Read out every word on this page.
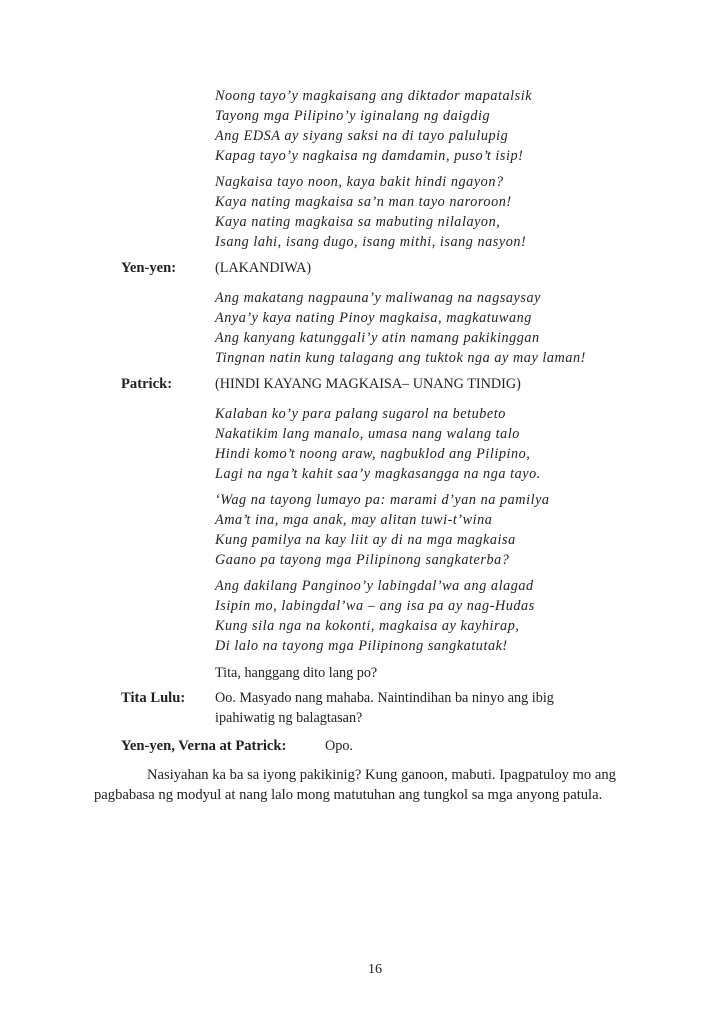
Noong tayo’y magkaisang ang diktador mapatalsik
Tayong mga Pilipino’y iginalang ng daigdig
Ang EDSA ay siyang saksi na di tayo palulupig
Kapag tayo’y nagkaisa ng damdamin, puso’t isip!
Nagkaisa tayo noon, kaya bakit hindi ngayon?
Kaya nating magkaisa sa’n man tayo naroroon!
Kaya nating magkaisa sa mabuting nilalayon,
Isang lahi, isang dugo, isang mithi, isang nasyon!
Yen-yen:	(LAKANDIWA)
Ang makatang nagpauna’y maliwanag na nagsaysay
Anya’y kaya nating Pinoy magkaisa, magkatuwang
Ang kanyang katunggali’y atin namang pakikinggan
Tingnan natin kung talagang ang tuktok nga ay may laman!
Patrick:	(HINDI KAYANG MAGKAISA– UNANG TINDIG)
Kalaban ko’y para palang sugarol na betubeto
Nakatikim lang manalo, umasa nang walang talo
Hindi komo’t noong araw, nagbuklod ang Pilipino,
Lagi na nga’t kahit saa’y magkasangga na nga tayo.
‘Wag na tayong lumayo pa: marami d’yan na pamilya
Ama’t ina, mga anak, may alitan tuwi-t’wina
Kung pamilya na kay liit ay di na mga magkaisa
Gaano pa tayong mga Pilipinong sangkaterba?
Ang dakilang Panginoo’y labingdal’wa ang alagad
Isipin mo, labingdal’wa – ang isa pa ay nag-Hudas
Kung sila nga na kokonti, magkaisa ay kayhirap,
Di lalo na tayong mga Pilipinong sangkatutak!
Tita, hanggang dito lang po?
Tita Lulu: Oo. Masyado nang mahaba. Naintindihan ba ninyo ang ibig
ipahiwatig ng balagtasan?
Yen-yen, Verna at Patrick:	Opo.
Nasiyahan ka ba sa iyong pakikinig? Kung ganoon, mabuti. Ipagpatuloy mo ang
pagbabasa ng modyul at nang lalo mong matutuhan ang tungkol sa mga anyong patula.
16
